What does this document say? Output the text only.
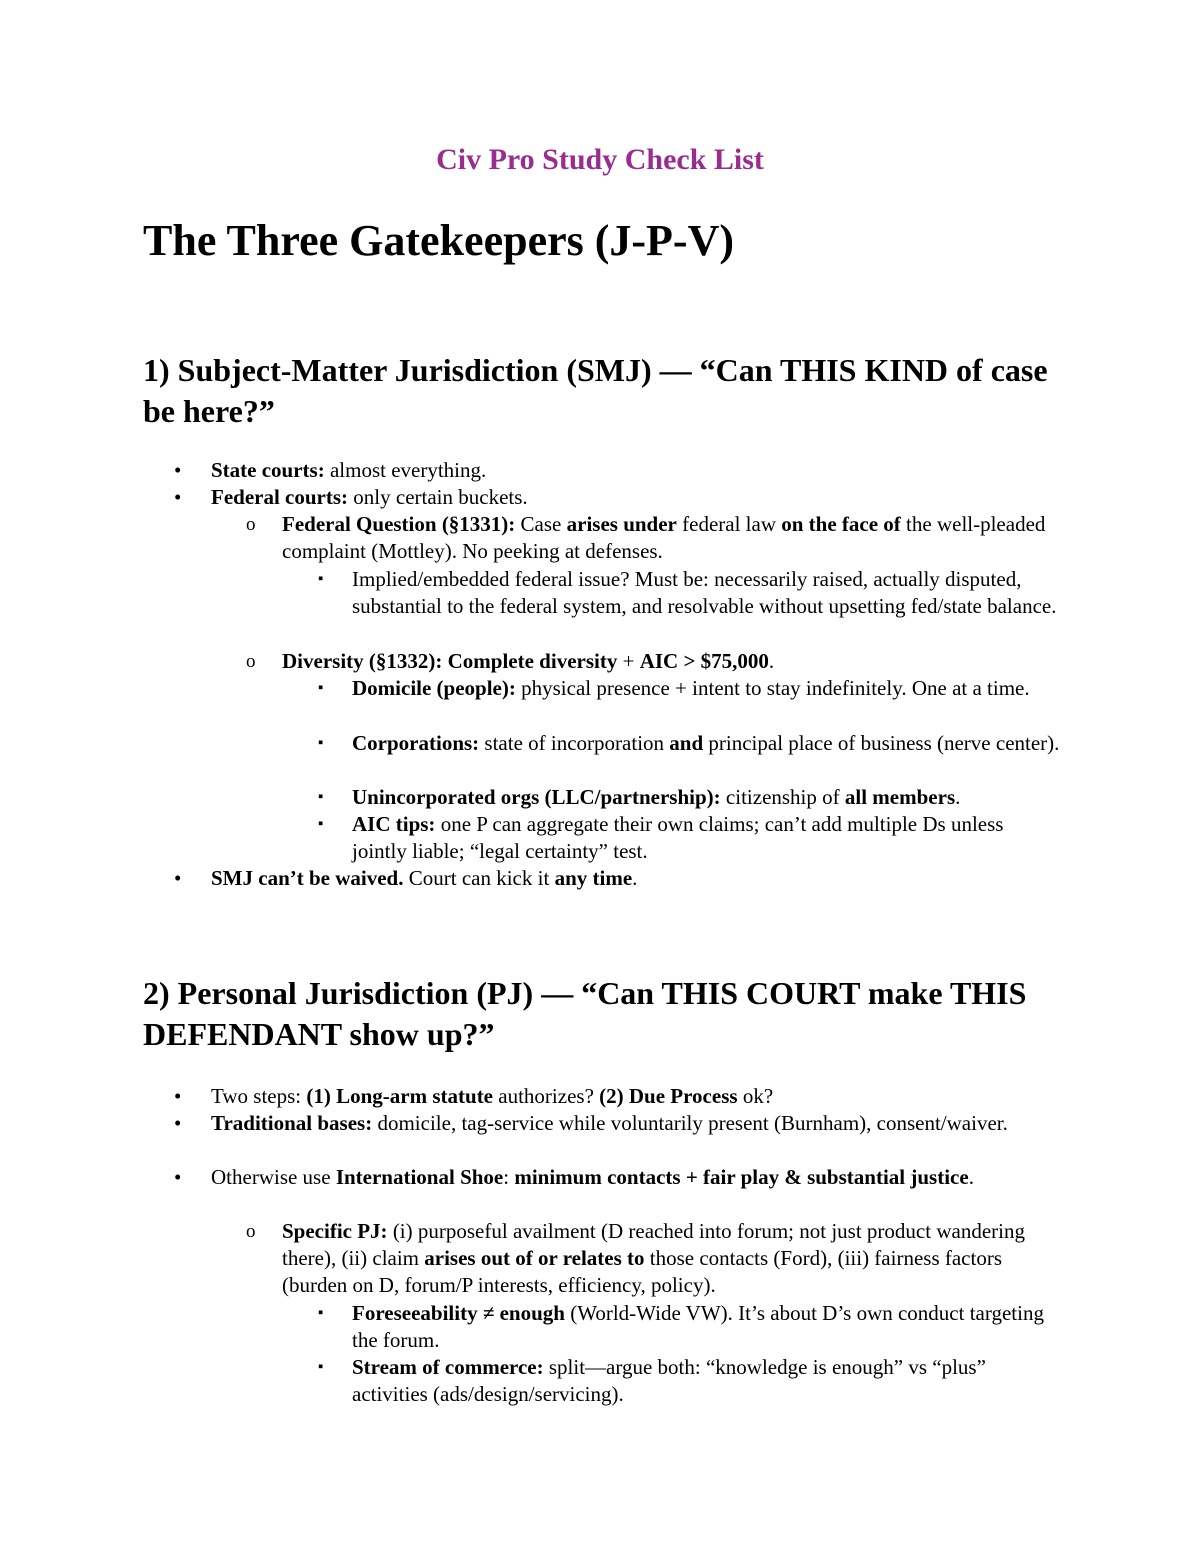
Civ Pro Study Check List
The Three Gatekeepers (J-P-V)
1) Subject-Matter Jurisdiction (SMJ) — “Can THIS KIND of case be here?”
• State courts: almost everything.
• Federal courts: only certain buckets.
o Federal Question (§1331): Case arises under federal law on the face of the well-pleaded complaint (Mottley). No peeking at defenses.
▪ Implied/embedded federal issue? Must be: necessarily raised, actually disputed, substantial to the federal system, and resolvable without upsetting fed/state balance.
o Diversity (§1332): Complete diversity + AIC > $75,000.
▪ Domicile (people): physical presence + intent to stay indefinitely. One at a time.
▪ Corporations: state of incorporation and principal place of business (nerve center).
▪ Unincorporated orgs (LLC/partnership): citizenship of all members.
▪ AIC tips: one P can aggregate their own claims; can’t add multiple Ds unless jointly liable; “legal certainty” test.
• SMJ can’t be waived. Court can kick it any time.
2) Personal Jurisdiction (PJ) — “Can THIS COURT make THIS DEFENDANT show up?”
• Two steps: (1) Long-arm statute authorizes? (2) Due Process ok?
• Traditional bases: domicile, tag-service while voluntarily present (Burnham), consent/waiver.
• Otherwise use International Shoe: minimum contacts + fair play & substantial justice.
o Specific PJ: (i) purposeful availment (D reached into forum; not just product wandering there), (ii) claim arises out of or relates to those contacts (Ford), (iii) fairness factors (burden on D, forum/P interests, efficiency, policy).
▪ Foreseeability ≠ enough (World-Wide VW). It’s about D’s own conduct targeting the forum.
▪ Stream of commerce: split—argue both: “knowledge is enough” vs “plus” activities (ads/design/servicing).
